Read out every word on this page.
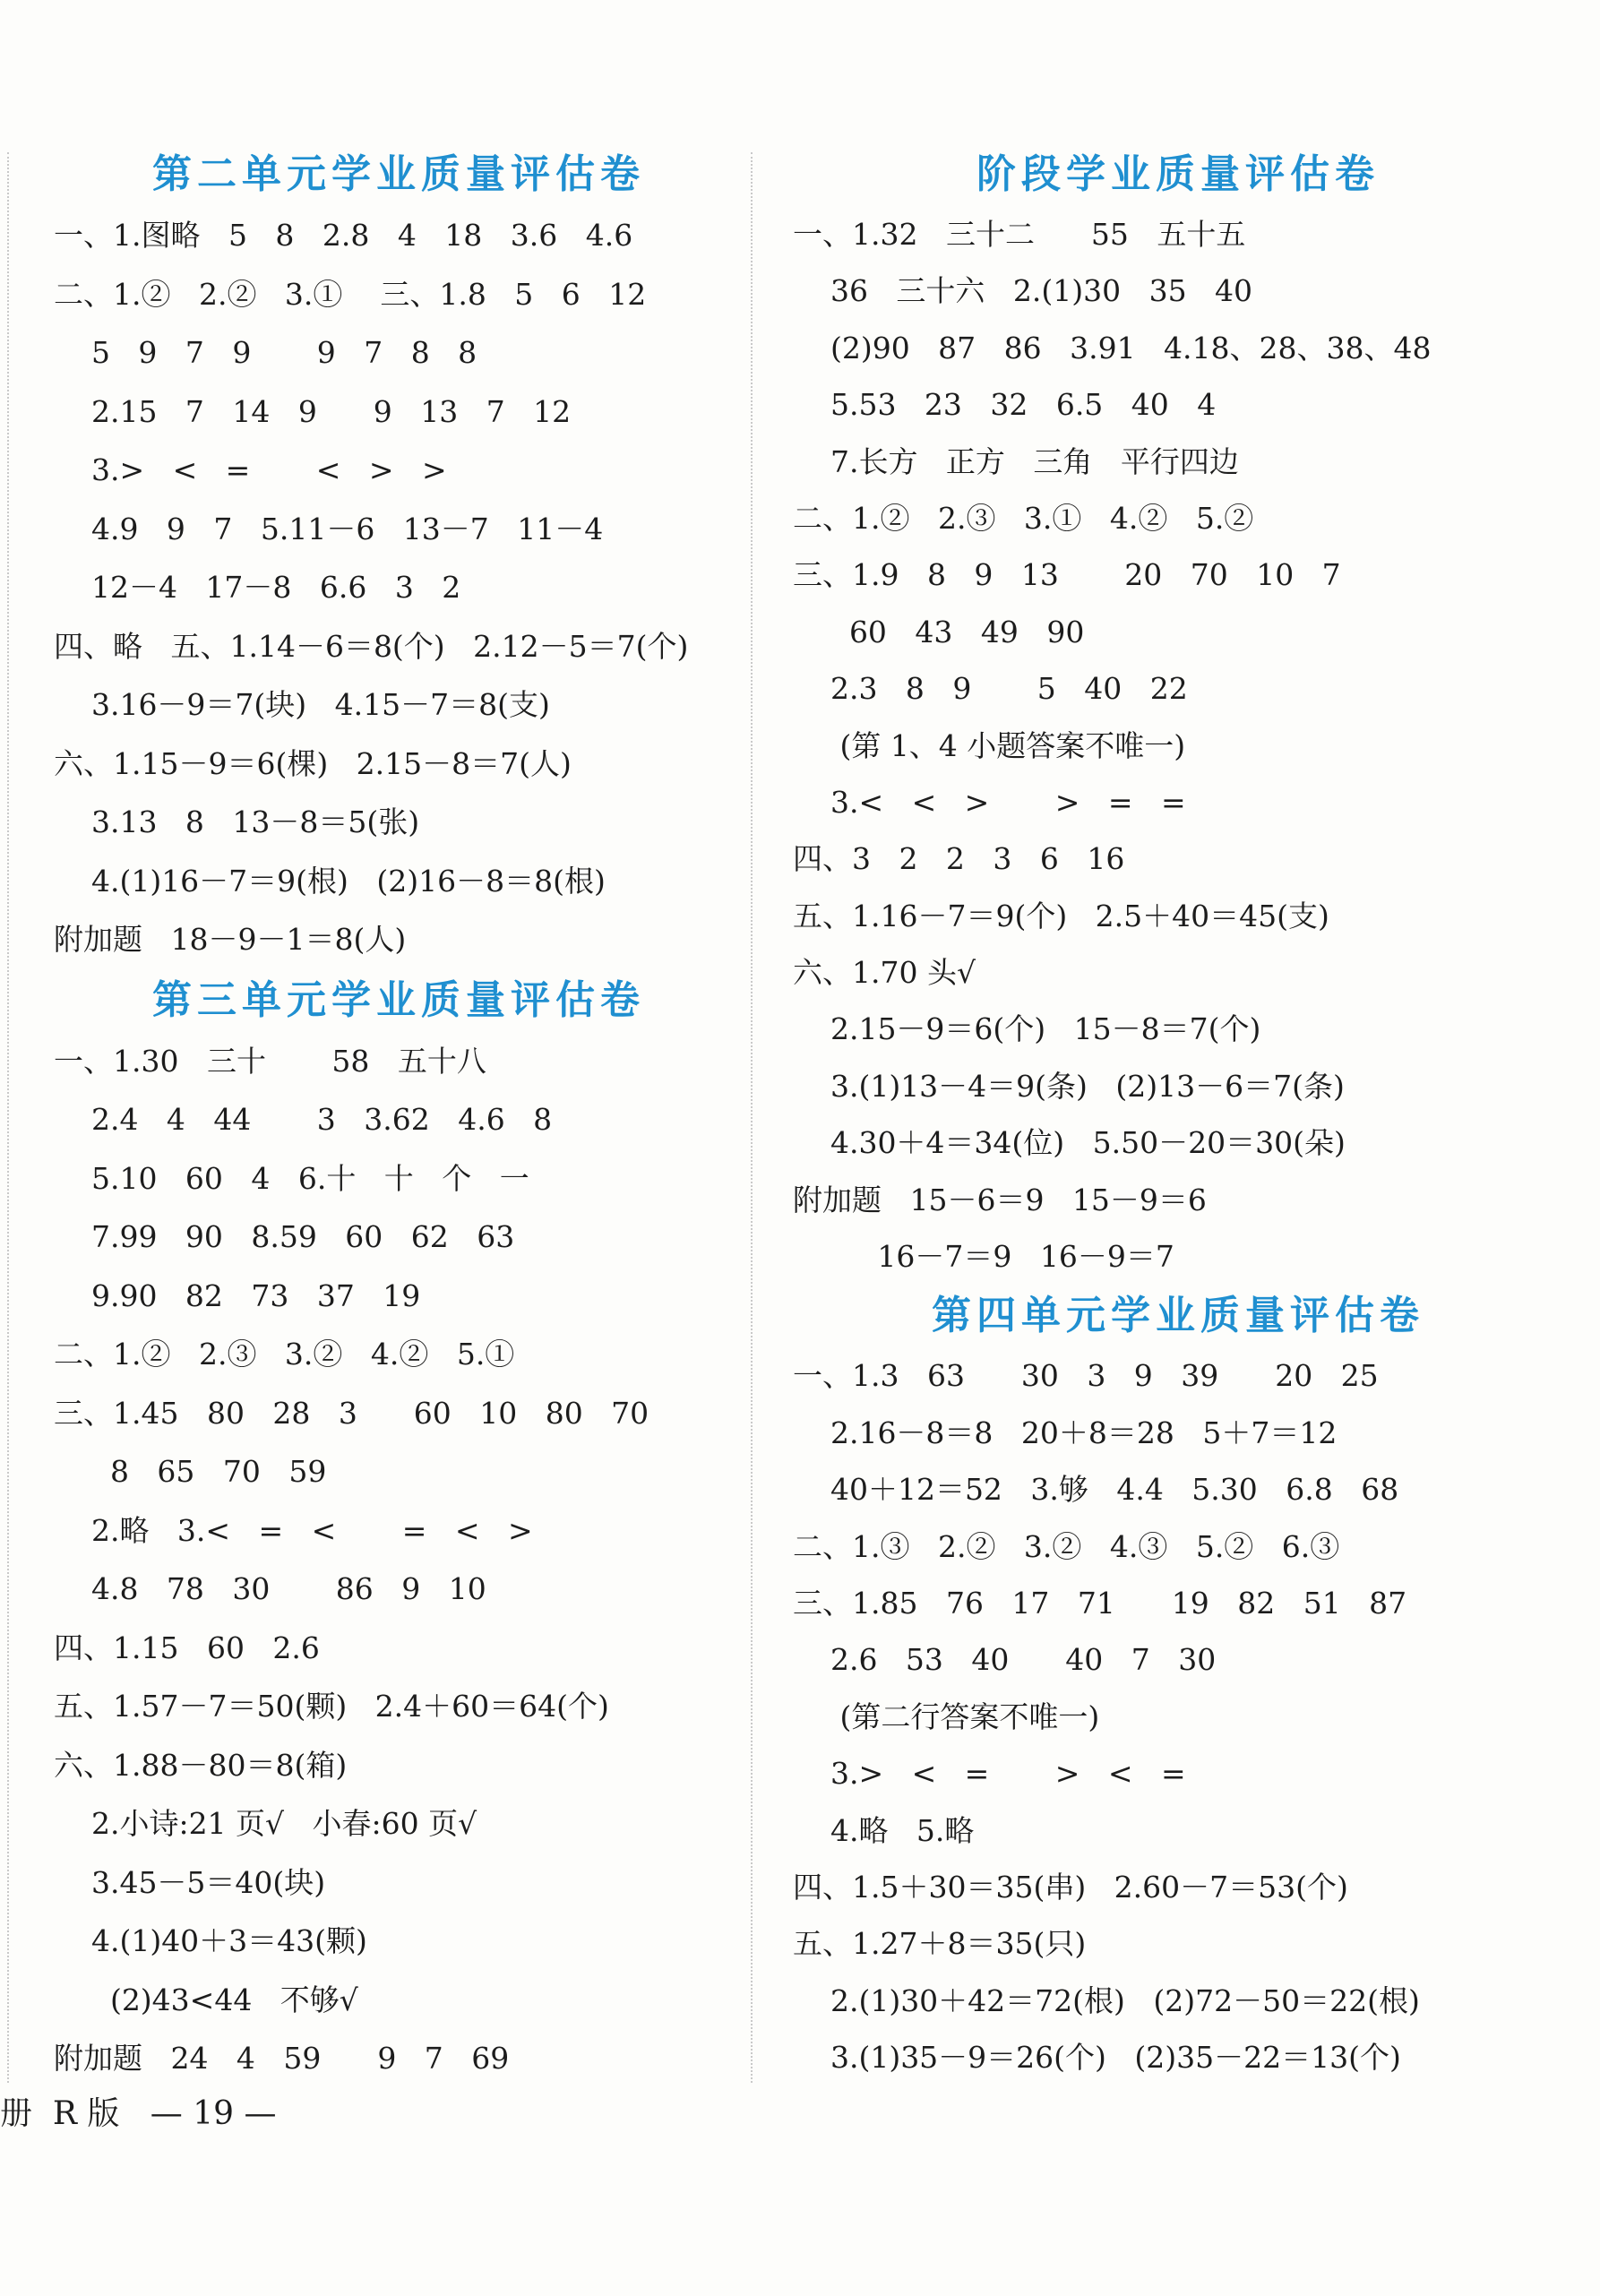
第二单元学业质量评估卷
一、1.图略   5   8   2.8   4   18   3.6   4.6
二、1.②   2.②   3.①    三、1.8   5   6   12
5   9   7   9       9   7   8   8
2.15   7   14   9      9   13   7   12
3.>   <   =       <   >   >
4.9   9   7   5.11－6   13－7   11－4
12－4   17－8   6.6   3   2
四、略   五、1.14－6＝8(个)   2.12－5＝7(个)
3.16－9＝7(块)   4.15－7＝8(支)
六、1.15－9＝6(棵)   2.15－8＝7(人)
3.13   8   13－8＝5(张)
4.(1)16－7＝9(根)   (2)16－8＝8(根)
附加题   18－9－1＝8(人)
第三单元学业质量评估卷
一、1.30   三十       58   五十八
2.4   4   44       3   3.62   4.6   8
5.10   60   4   6.十   十   个   一
7.99   90   8.59   60   62   63
9.90   82   73   37   19
二、1.②   2.③   3.②   4.②   5.①
三、1.45   80   28   3      60   10   80   70
8   65   70   59
2.略   3.<   =   <       =   <   >
4.8   78   30       86   9   10
四、1.15   60   2.6
五、1.57－7＝50(颗)   2.4＋60＝64(个)
六、1.88－80＝8(箱)
2.小诗:21 页√   小春:60 页√
3.45－5＝40(块)
4.(1)40＋3＝43(颗)
(2)43<44   不够√
附加题   24   4   59      9   7   69
阶段学业质量评估卷
一、1.32   三十二      55   五十五
36   三十六   2.(1)30   35   40
(2)90   87   86   3.91   4.18、28、38、48
5.53   23   32   6.5   40   4
7.长方   正方   三角   平行四边
二、1.②   2.③   3.①   4.②   5.②
三、1.9   8   9   13       20   70   10   7
60   43   49   90
2.3   8   9       5   40   22
(第 1、4 小题答案不唯一)
3.<   <   >       >   =   =
四、3   2   2   3   6   16
五、1.16－7＝9(个)   2.5＋40＝45(支)
六、1.70 头√
2.15－9＝6(个)   15－8＝7(个)
3.(1)13－4＝9(条)   (2)13－6＝7(条)
4.30＋4＝34(位)   5.50－20＝30(朵)
附加题   15－6＝9   15－9＝6
16－7＝9   16－9＝7
第四单元学业质量评估卷
一、1.3   63      30   3   9   39      20   25
2.16－8＝8   20＋8＝28   5＋7＝12
40＋12＝52   3.够   4.4   5.30   6.8   68
二、1.③   2.②   3.②   4.③   5.②   6.③
三、1.85   76   17   71      19   82   51   87
2.6   53   40      40   7   30
(第二行答案不唯一)
3.>   <   =       >   <   =
4.略   5.略
四、1.5＋30＝35(串)   2.60－7＝53(个)
五、1.27＋8＝35(只)
2.(1)30＋42＝72(根)   (2)72－50＝22(根)
3.(1)35－9＝26(个)   (2)35－22＝13(个)
册  R 版   — 19 —
